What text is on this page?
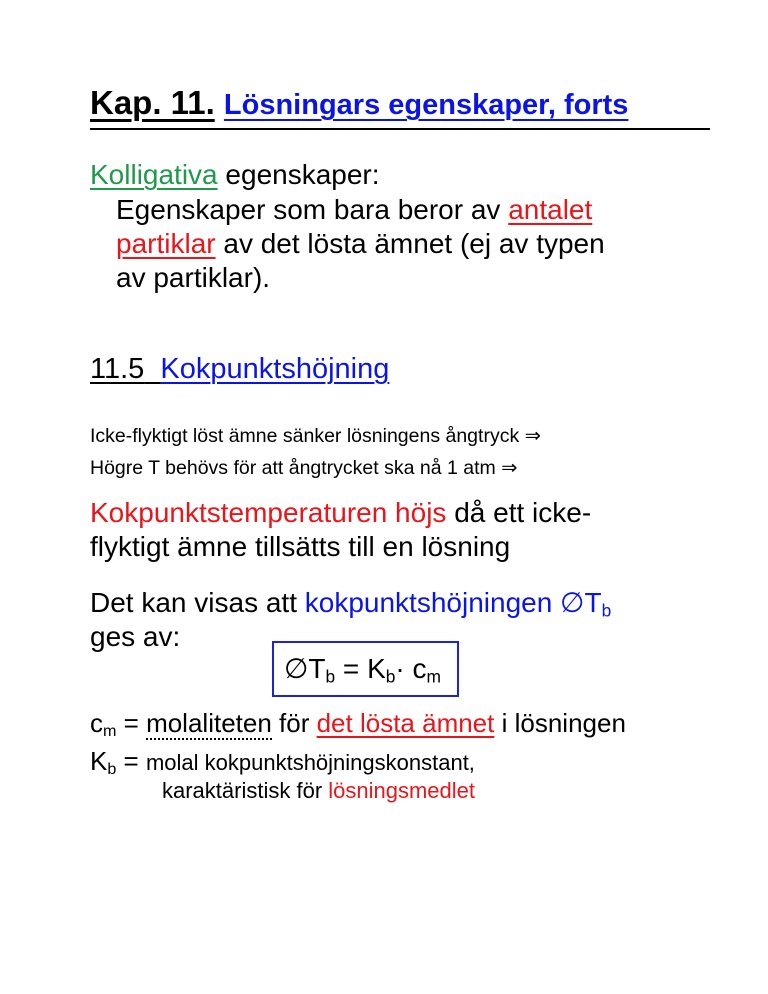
Kap. 11. Lösningars egenskaper, forts
Kolligativa egenskaper:
Egenskaper som bara beror av antalet
partiklar av det lösta ämnet (ej av typen
av partiklar).
11.5 Kokpunktshöjning
Icke-flyktigt löst ämne sänker lösningens ångtryck ⇒
Högre T behövs för att ångtrycket ska nå 1 atm ⇒
Kokpunktstemperaturen höjs då ett icke-
flyktigt ämne tillsätts till en lösning
Det kan visas att kokpunktshöjningen $\emptyset T_b$
ges av:
$\emptyset T_b = K_b\cdot c_m$
$c_m$ = molaliteten för det lösta ämnet i lösningen
$K_b$ = molal kokpunktshöjningskonstant,
karaktäristisk för lösningsmedlet
